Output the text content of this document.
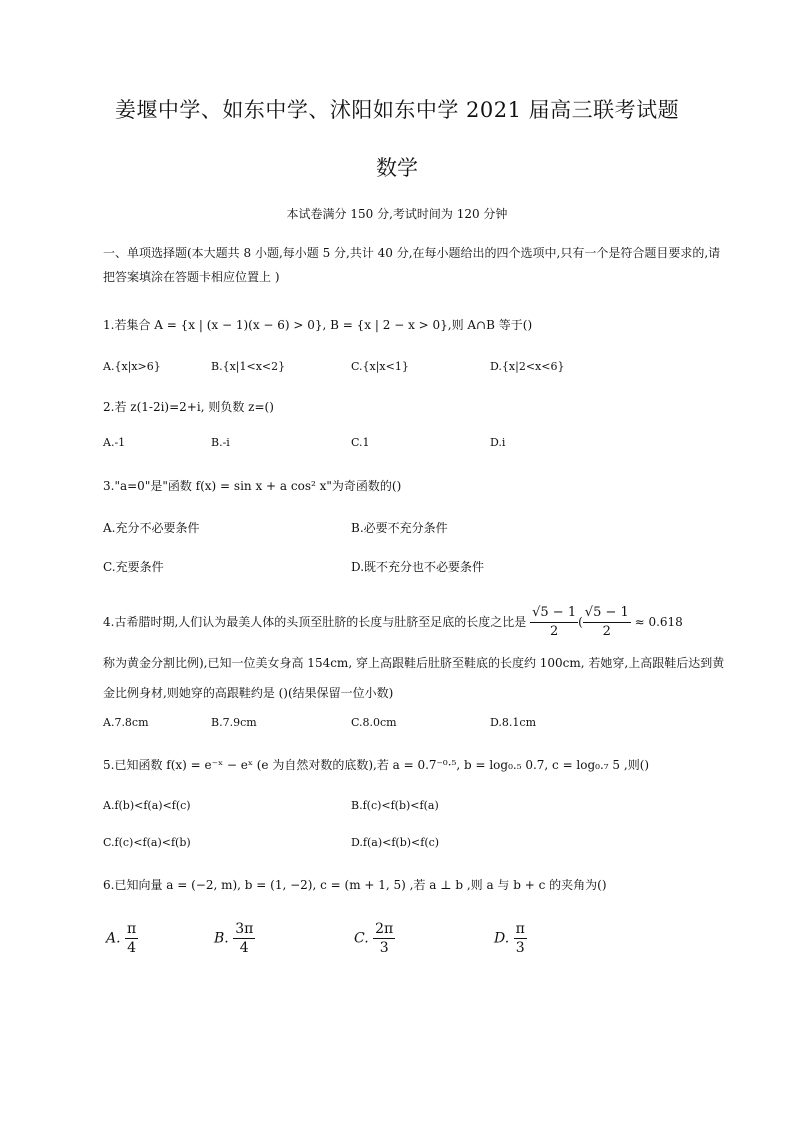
姜堰中学、如东中学、沭阳如东中学 2021 届高三联考试题
数学
本试卷满分 150 分,考试时间为 120 分钟
一、单项选择题(本大题共 8 小题,每小题 5 分,共计 40 分,在每小题给出的四个选项中,只有一个是符合题目要求的,请把答案填涂在答题卡相应位置上 )
1.若集合 A = {x | (x − 1)(x − 6) > 0}, B = {x | 2 − x > 0},则 A∩B 等于()
A.{x|x>6}	B.{x|1<x<2}	C.{x|x<1}	D.{x|2<x<6}
2.若 z(1-2i)=2+i, 则负数 z=()
A.-1	B.-i	C.1	D.i
3."a=0"是"函数 f(x) = sin x + a cos² x"为奇函数的()
A.充分不必要条件	B.必要不充分条件
C.充要条件	D.既不充分也不必要条件
4.古希腊时期,人们认为最美人体的头顶至肚脐的长度与肚脐至足底的长度之比是 $\frac{√5 - 1}{2}$ ( $\frac{√5 - 1}{2} \approx 0.618$
称为黄金分割比例),已知一位美女身高 154cm, 穿上高跟鞋后肚脐至鞋底的长度约 100cm, 若她穿,上高跟鞋后达到黄金比例身材,则她穿的高跟鞋约是 ()(结果保留一位小数)
A.7.8cm	B.7.9cm	C.8.0cm	D.8.1cm
5.已知函数 f(x) = e⁻ˣ − eˣ (e 为自然对数的底数),若 a = 0.7⁻⁰·⁵, b = log₀.₅ 0.7, c = log₀.₇ 5 ,则()
A.f(b)<f(a)<f(c)	B.f(c)<f(b)<f(a)
C.f(c)<f(a)<f(b)	D.f(a)<f(b)<f(c)
6.已知向量 a = (−2, m), b = (1, −2), c = (m + 1, 5) ,若 a ⊥ b ,则 a 与 b + c 的夹角为()
A. $\frac{\pi}{4}$	B. $\frac{3\pi}{4}$	C. $\frac{2\pi}{3}$	D. $\frac{\pi}{3}$
